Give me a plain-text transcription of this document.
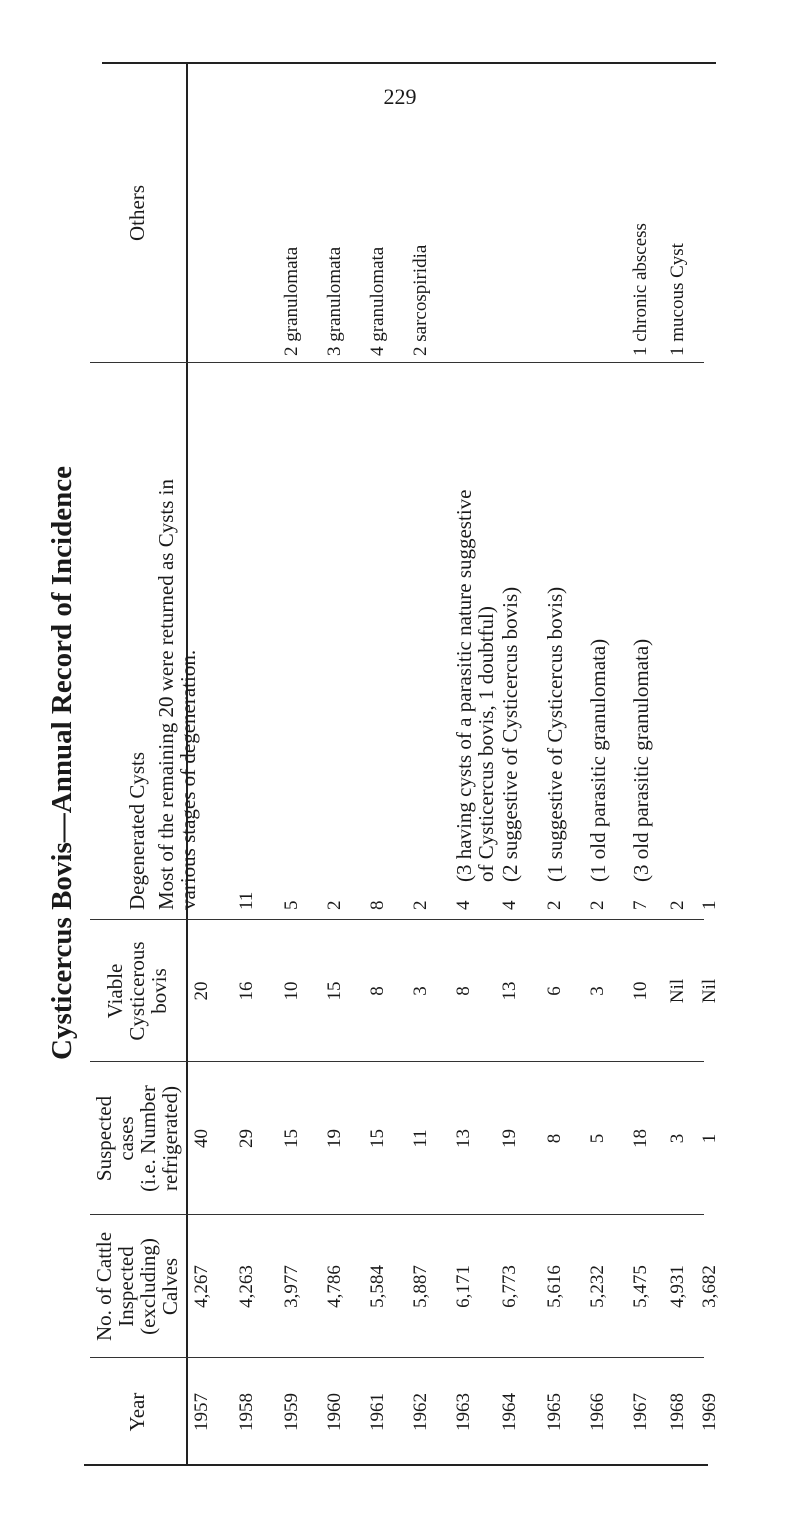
229
Cysticercus Bovis—Annual Record of Incidence
Year
No. of Cattle
Inspected
(excluding)
Calves
Suspected
cases
(i.e. Number
refrigerated)
Viable
Cysticerous
bovis
Degenerated Cysts
Others
1957
4,267
40
20
Most of the remaining 20 were returned as Cysts in
various stages of degeneration.
1958
4,263
29
16
11
1959
3,977
15
10
5
2 granulomata
1960
4,786
19
15
2
3 granulomata
1961
5,584
15
8
8
4 granulomata
1962
5,887
11
3
2
2 sarcospiridia
1963
6,171
13
8
4
(3 having cysts of a parasitic nature suggestive
of Cysticercus bovis, 1 doubtful)
1964
6,773
19
13
4
(2 suggestive of Cysticercus bovis)
1965
5,616
8
6
2
(1 suggestive of Cysticercus bovis)
1966
5,232
5
3
2
(1 old parasitic granulomata)
1967
5,475
18
10
7
(3 old parasitic granulomata)
1 chronic abscess
1968
4,931
3
Nil
2
1 mucous Cyst
1969
3,682
1
Nil
1
